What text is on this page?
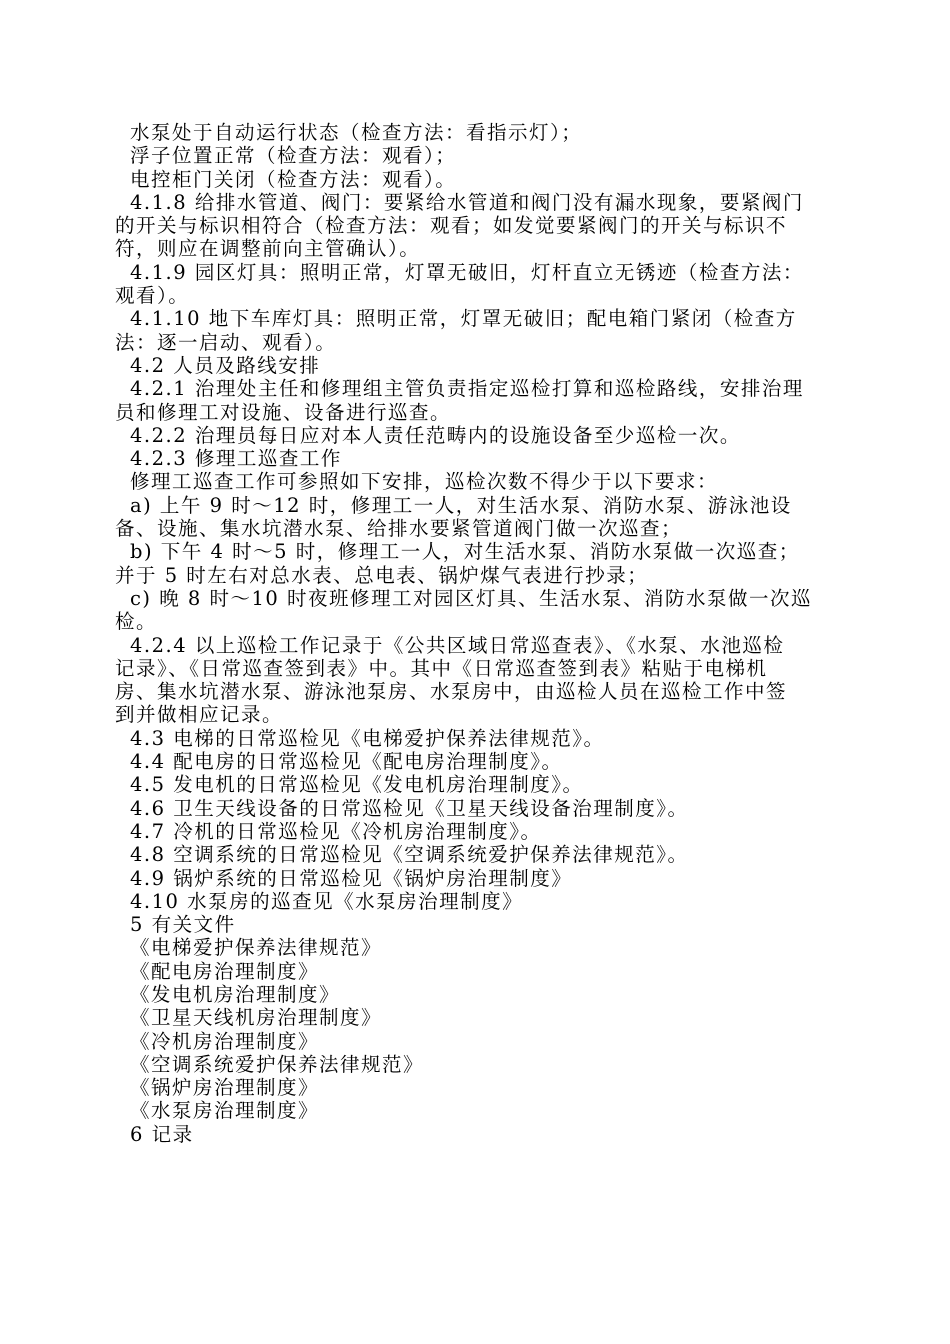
水泵处于自动运行状态（检查方法：看指示灯）；
浮子位置正常（检查方法：观看）；
电控柜门关闭（检查方法：观看）。
4.1.8 给排水管道、阀门：要紧给水管道和阀门没有漏水现象，要紧阀门
的开关与标识相符合（检查方法：观看；如发觉要紧阀门的开关与标识不
符，则应在调整前向主管确认）。
4.1.9 园区灯具：照明正常，灯罩无破旧，灯杆直立无锈迹（检查方法：
观看）。
4.1.10 地下车库灯具：照明正常，灯罩无破旧；配电箱门紧闭（检查方
法：逐一启动、观看）。
4.2 人员及路线安排
4.2.1 治理处主任和修理组主管负责指定巡检打算和巡检路线，安排治理
员和修理工对设施、设备进行巡查。
4.2.2 治理员每日应对本人责任范畴内的设施设备至少巡检一次。
4.2.3 修理工巡查工作
修理工巡查工作可参照如下安排，巡检次数不得少于以下要求：
a) 上午 9 时～12 时，修理工一人，对生活水泵、消防水泵、游泳池设
备、设施、集水坑潜水泵、给排水要紧管道阀门做一次巡查；
b) 下午 4 时～5 时，修理工一人，对生活水泵、消防水泵做一次巡查；
并于 5 时左右对总水表、总电表、锅炉煤气表进行抄录；
c) 晚 8 时～10 时夜班修理工对园区灯具、生活水泵、消防水泵做一次巡
检。
4.2.4 以上巡检工作记录于《公共区域日常巡查表》、《水泵、水池巡检
记录》、《日常巡查签到表》中。其中《日常巡查签到表》粘贴于电梯机
房、集水坑潜水泵、游泳池泵房、水泵房中，由巡检人员在巡检工作中签
到并做相应记录。
4.3 电梯的日常巡检见《电梯爱护保养法律规范》。
4.4 配电房的日常巡检见《配电房治理制度》。
4.5 发电机的日常巡检见《发电机房治理制度》。
4.6 卫生天线设备的日常巡检见《卫星天线设备治理制度》。
4.7 冷机的日常巡检见《冷机房治理制度》。
4.8 空调系统的日常巡检见《空调系统爱护保养法律规范》。
4.9 锅炉系统的日常巡检见《锅炉房治理制度》
4.10 水泵房的巡查见《水泵房治理制度》
5 有关文件
《电梯爱护保养法律规范》
《配电房治理制度》
《发电机房治理制度》
《卫星天线机房治理制度》
《冷机房治理制度》
《空调系统爱护保养法律规范》
《锅炉房治理制度》
《水泵房治理制度》
6 记录
